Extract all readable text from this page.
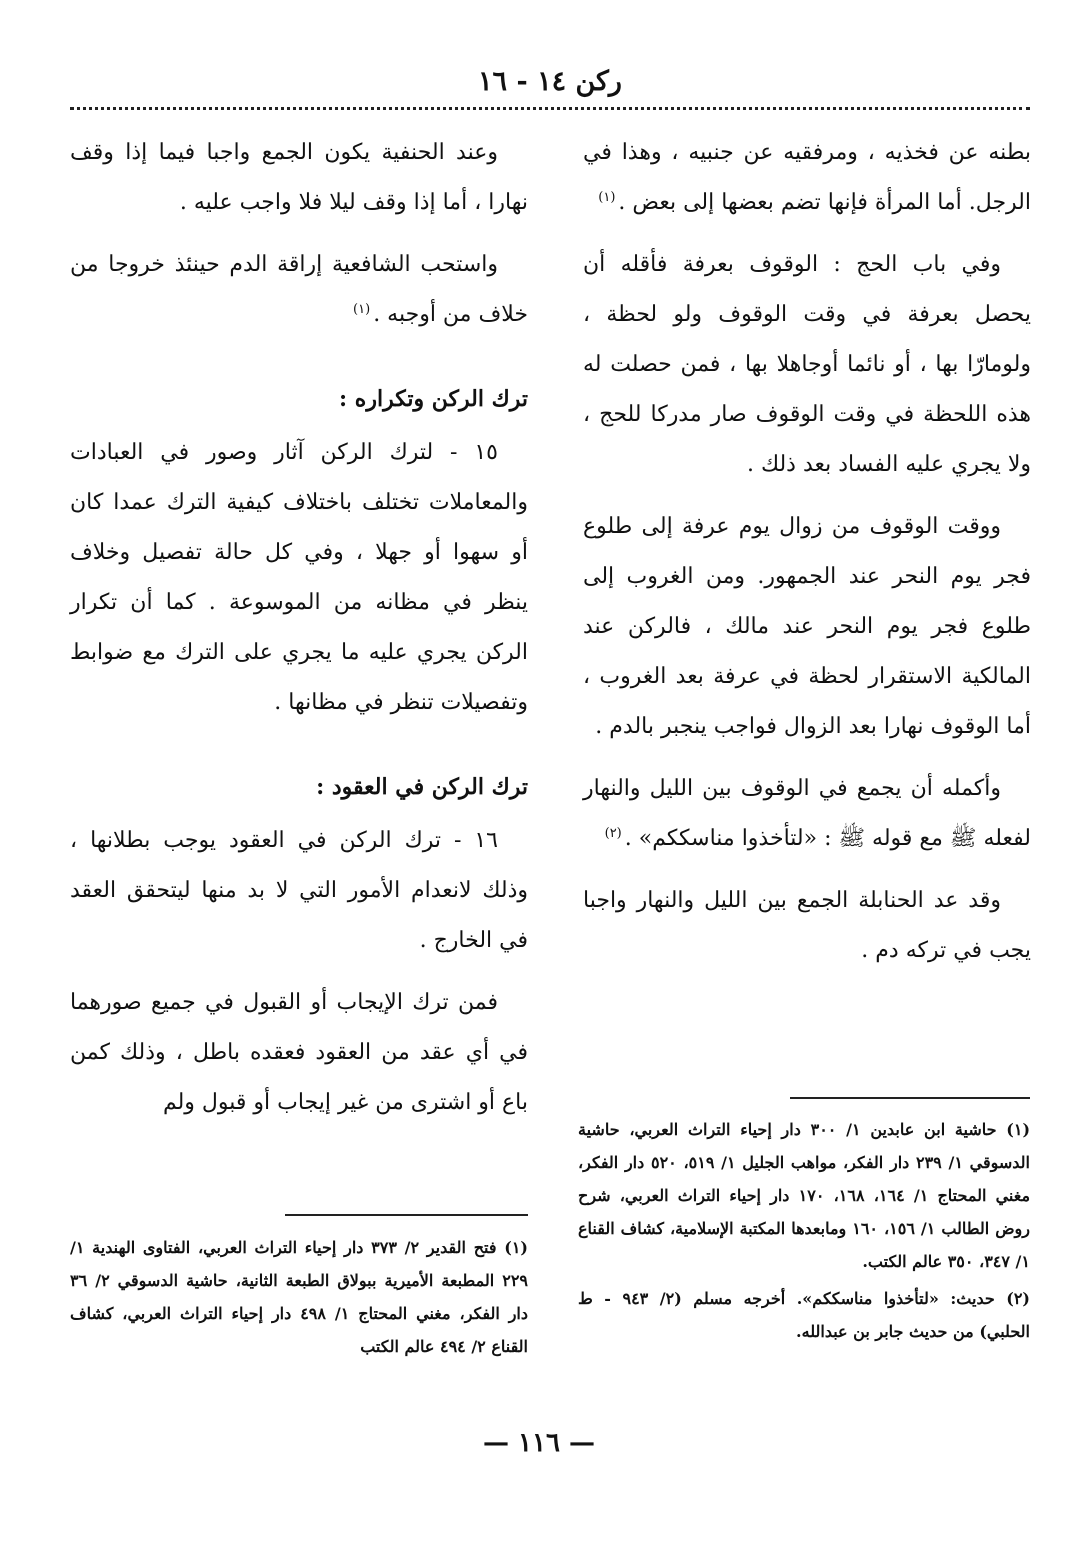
ركن ١٤ - ١٦

بطنه عن فخذيه ، ومرفقيه عن جنبيه ، وهذا في الرجل. أما المرأة فإنها تضم بعضها إلى بعض .$^{(١)}$

وفي باب الحج : الوقوف بعرفة فأقله أن يحصل بعرفة في وقت الوقوف ولو لحظة ، ولومارّا بها ، أو نائما أوجاهلا بها ، فمن حصلت له هذه اللحظة في وقت الوقوف صار مدركا للحج ، ولا يجري عليه الفساد بعد ذلك .

ووقت الوقوف من زوال يوم عرفة إلى طلوع فجر يوم النحر عند الجمهور. ومن الغروب إلى طلوع فجر يوم النحر عند مالك ، فالركن عند المالكية الاستقرار لحظة في عرفة بعد الغروب ، أما الوقوف نهارا بعد الزوال فواجب ينجبر بالدم .

وأكمله أن يجمع في الوقوف بين الليل والنهار لفعله ﷺ مع قوله ﷺ : «لتأخذوا مناسككم» .$^{(٢)}$

وقد عد الحنابلة الجمع بين الليل والنهار واجبا يجب في تركه دم .

(١) حاشية ابن عابدين ١/ ٣٠٠ دار إحياء التراث العربي، حاشية الدسوقي ١/ ٢٣٩ دار الفكر، مواهب الجليل ١/ ٥١٩، ٥٢٠ دار الفكر، مغني المحتاج ١/ ١٦٤، ١٦٨، ١٧٠ دار إحياء التراث العربي، شرح روض الطالب ١/ ١٥٦، ١٦٠ ومابعدها المكتبة الإسلامية، كشاف القناع ١/ ٣٤٧، ٣٥٠ عالم الكتب.

(٢) حديث: «لتأخذوا مناسككم». أخرجه مسلم (٢/ ٩٤٣ - ط الحلبي) من حديث جابر بن عبدالله.

وعند الحنفية يكون الجمع واجبا فيما إذا وقف نهارا ، أما إذا وقف ليلا فلا واجب عليه .

واستحب الشافعية إراقة الدم حينئذ خروجا من خلاف من أوجبه .$^{(١)}$

ترك الركن وتكراره :

١٥ - لترك الركن آثار وصور في العبادات والمعاملات تختلف باختلاف كيفية الترك عمدا كان أو سهوا أو جهلا ، وفي كل حالة تفصيل وخلاف ينظر في مظانه من الموسوعة . كما أن تكرار الركن يجري عليه ما يجري على الترك مع ضوابط وتفصيلات تنظر في مظانها .

ترك الركن في العقود :

١٦ - ترك الركن في العقود يوجب بطلانها ، وذلك لانعدام الأمور التي لا بد منها ليتحقق العقد في الخارج .

فمن ترك الإيجاب أو القبول في جميع صورهما في أي عقد من العقود فعقده باطل ، وذلك كمن باع أو اشترى من غير إيجاب أو قبول ولم

(١) فتح القدير ٢/ ٣٧٣ دار إحياء التراث العربي، الفتاوى الهندية ١/ ٢٢٩ المطبعة الأميرية ببولاق الطبعة الثانية، حاشية الدسوقي ٢/ ٣٦ دار الفكر، مغني المحتاج ١/ ٤٩٨ دار إحياء التراث العربي، كشاف القناع ٢/ ٤٩٤ عالم الكتب

— ١١٦ —
